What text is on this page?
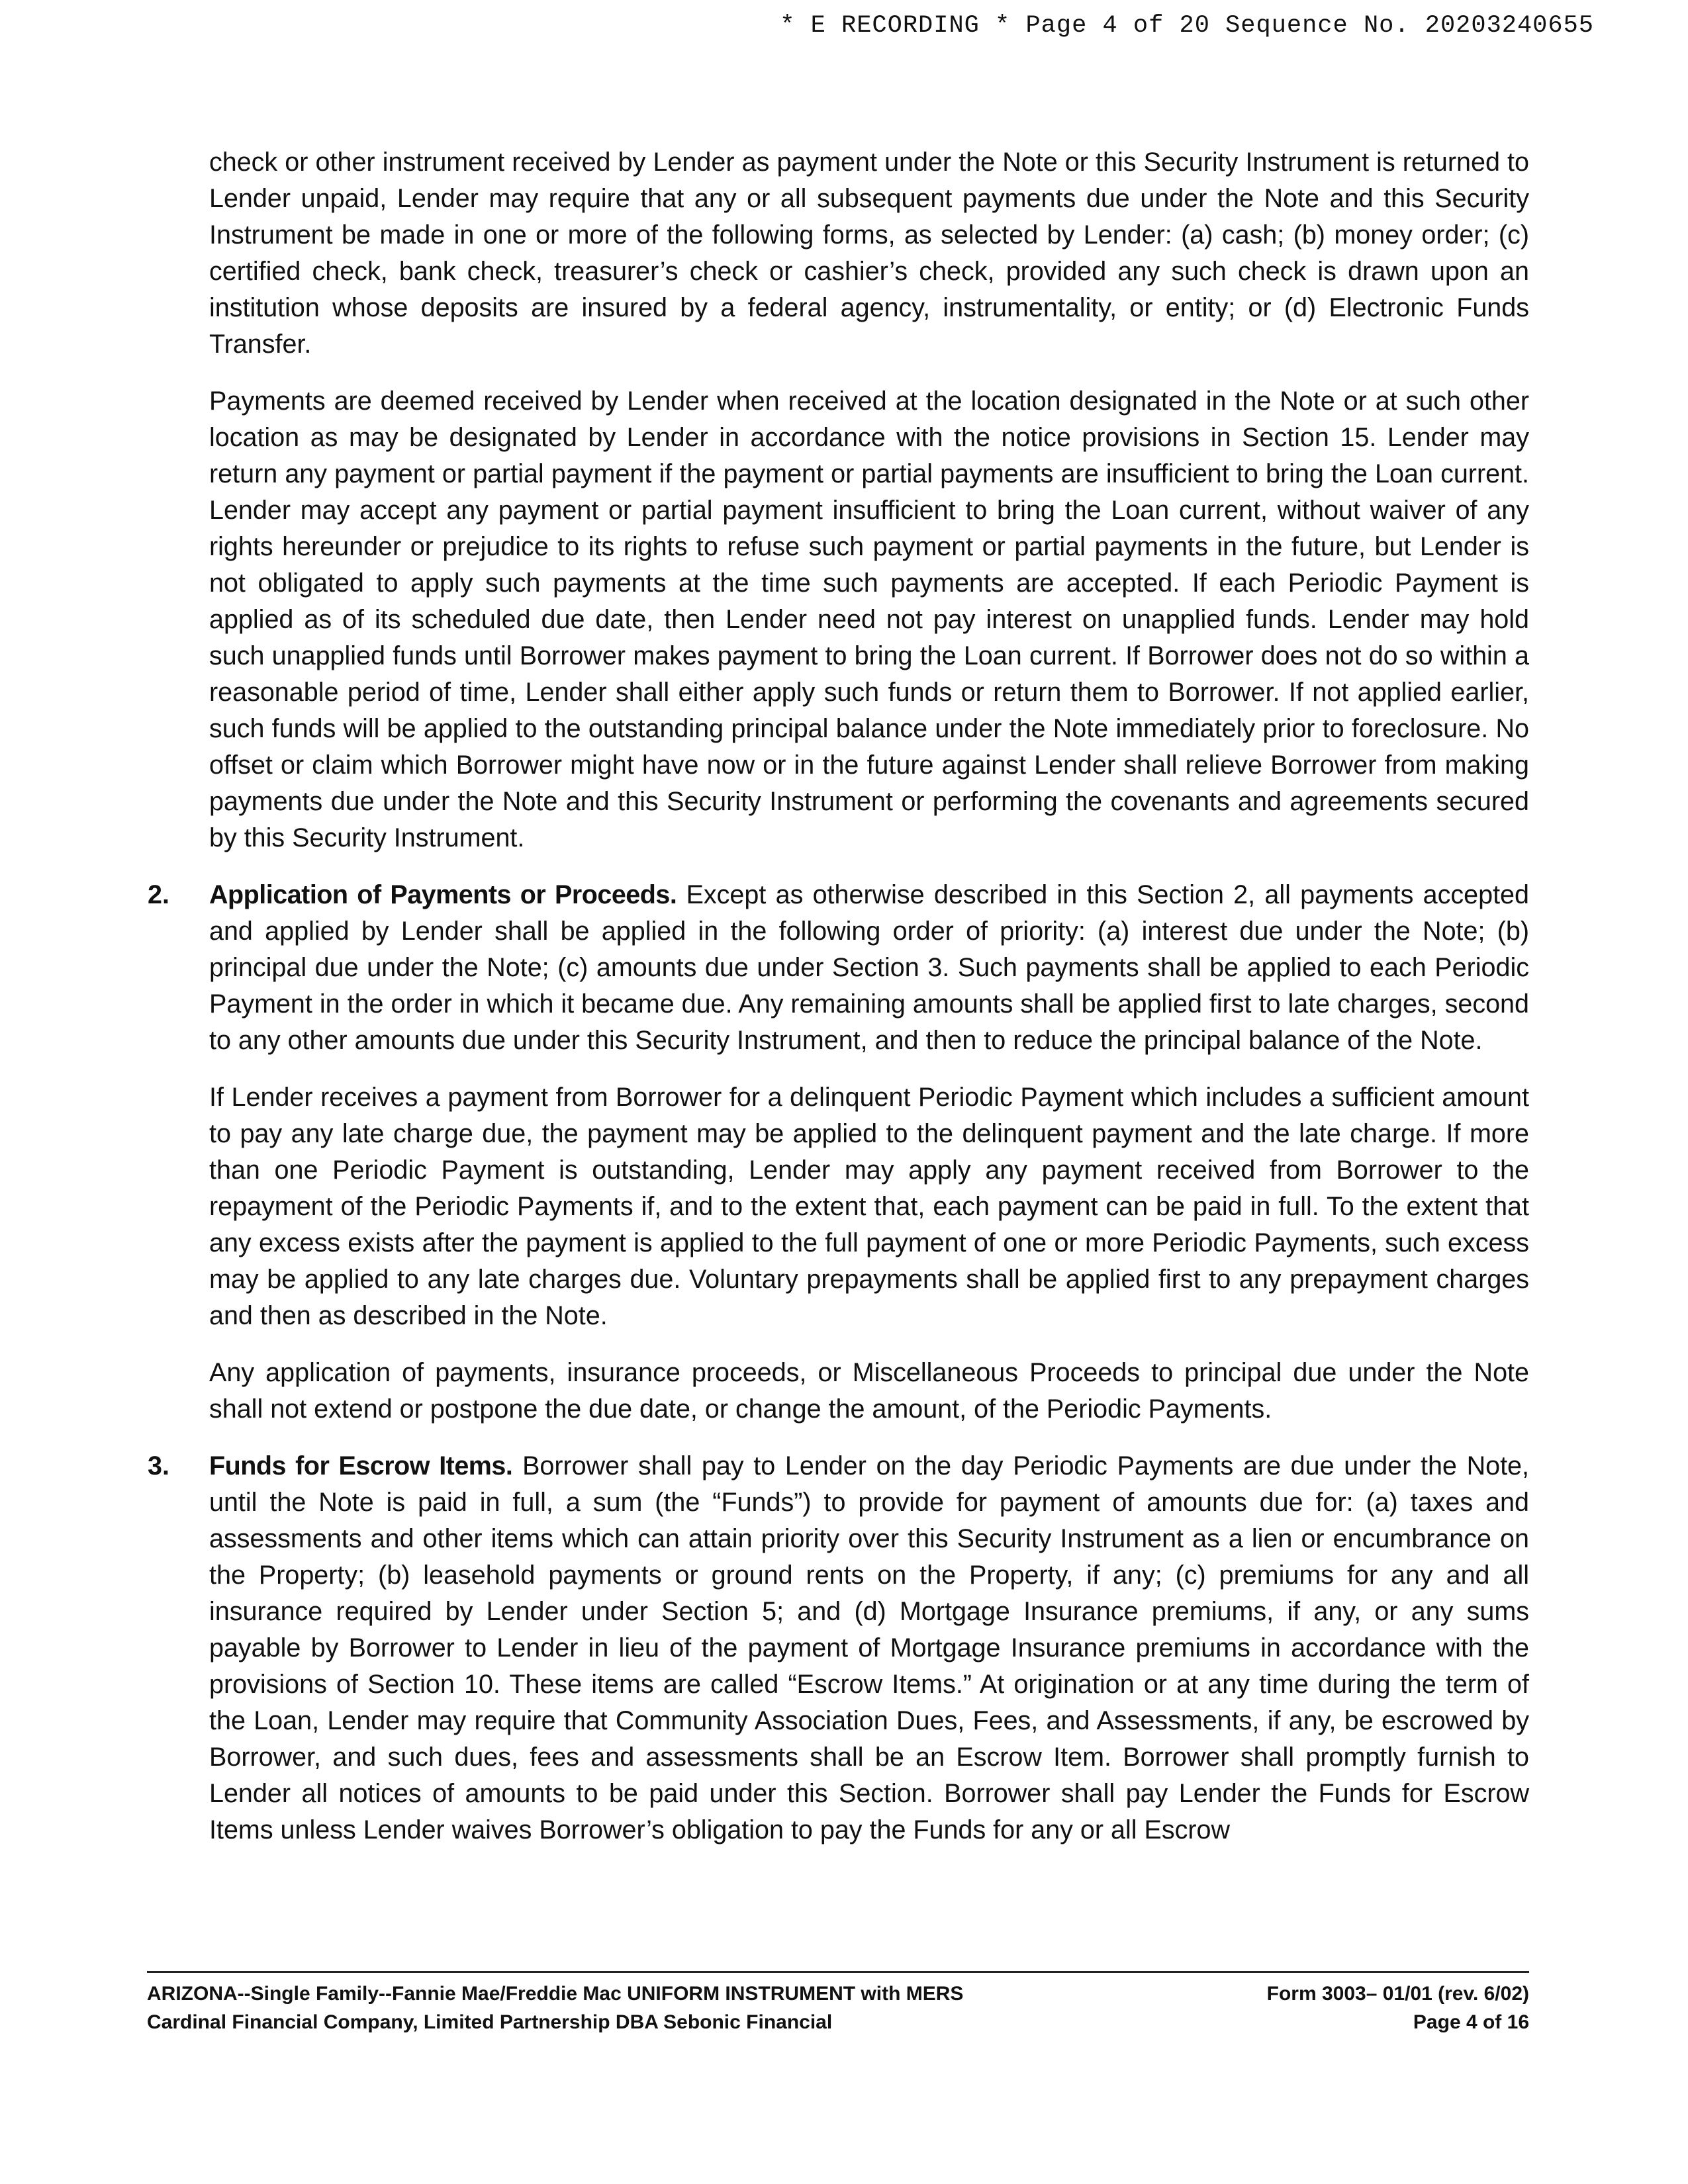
* E RECORDING * Page 4 of 20 Sequence No. 20203240655

check or other instrument received by Lender as payment under the Note or this Security Instrument is returned to Lender unpaid, Lender may require that any or all subsequent payments due under the Note and this Security Instrument be made in one or more of the following forms, as selected by Lender: (a) cash; (b) money order; (c) certified check, bank check, treasurer’s check or cashier’s check, provided any such check is drawn upon an institution whose deposits are insured by a federal agency, instrumentality, or entity; or (d) Electronic Funds Transfer.

Payments are deemed received by Lender when received at the location designated in the Note or at such other location as may be designated by Lender in accordance with the notice provisions in Section 15. Lender may return any payment or partial payment if the payment or partial payments are insufficient to bring the Loan current. Lender may accept any payment or partial payment insufficient to bring the Loan current, without waiver of any rights hereunder or prejudice to its rights to refuse such payment or partial payments in the future, but Lender is not obligated to apply such payments at the time such payments are accepted. If each Periodic Payment is applied as of its scheduled due date, then Lender need not pay interest on unapplied funds. Lender may hold such unapplied funds until Borrower makes payment to bring the Loan current. If Borrower does not do so within a reasonable period of time, Lender shall either apply such funds or return them to Borrower. If not applied earlier, such funds will be applied to the outstanding principal balance under the Note immediately prior to foreclosure. No offset or claim which Borrower might have now or in the future against Lender shall relieve Borrower from making payments due under the Note and this Security Instrument or performing the covenants and agreements secured by this Security Instrument.

2. Application of Payments or Proceeds. Except as otherwise described in this Section 2, all payments accepted and applied by Lender shall be applied in the following order of priority: (a) interest due under the Note; (b) principal due under the Note; (c) amounts due under Section 3. Such payments shall be applied to each Periodic Payment in the order in which it became due. Any remaining amounts shall be applied first to late charges, second to any other amounts due under this Security Instrument, and then to reduce the principal balance of the Note.

If Lender receives a payment from Borrower for a delinquent Periodic Payment which includes a sufficient amount to pay any late charge due, the payment may be applied to the delinquent payment and the late charge. If more than one Periodic Payment is outstanding, Lender may apply any payment received from Borrower to the repayment of the Periodic Payments if, and to the extent that, each payment can be paid in full. To the extent that any excess exists after the payment is applied to the full payment of one or more Periodic Payments, such excess may be applied to any late charges due. Voluntary prepayments shall be applied first to any prepayment charges and then as described in the Note.

Any application of payments, insurance proceeds, or Miscellaneous Proceeds to principal due under the Note shall not extend or postpone the due date, or change the amount, of the Periodic Payments.

3. Funds for Escrow Items. Borrower shall pay to Lender on the day Periodic Payments are due under the Note, until the Note is paid in full, a sum (the “Funds”) to provide for payment of amounts due for: (a) taxes and assessments and other items which can attain priority over this Security Instrument as a lien or encumbrance on the Property; (b) leasehold payments or ground rents on the Property, if any; (c) premiums for any and all insurance required by Lender under Section 5; and (d) Mortgage Insurance premiums, if any, or any sums payable by Borrower to Lender in lieu of the payment of Mortgage Insurance premiums in accordance with the provisions of Section 10. These items are called “Escrow Items.” At origination or at any time during the term of the Loan, Lender may require that Community Association Dues, Fees, and Assessments, if any, be escrowed by Borrower, and such dues, fees and assessments shall be an Escrow Item. Borrower shall promptly furnish to Lender all notices of amounts to be paid under this Section. Borrower shall pay Lender the Funds for Escrow Items unless Lender waives Borrower’s obligation to pay the Funds for any or all Escrow
ARIZONA--Single Family--Fannie Mae/Freddie Mac UNIFORM INSTRUMENT with MERS	Form 3003– 01/01 (rev. 6/02)
Cardinal Financial Company, Limited Partnership DBA Sebonic Financial	Page 4 of 16
